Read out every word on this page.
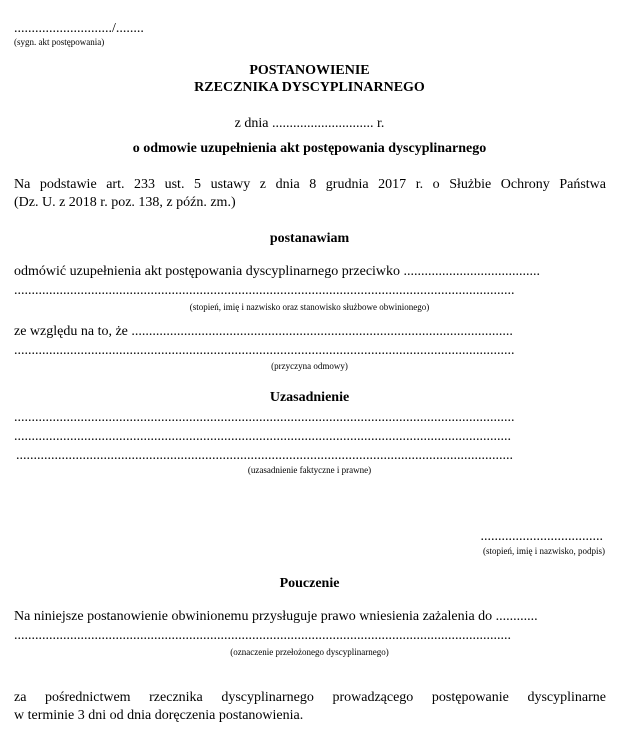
............................/........
(sygn. akt postępowania)
POSTANOWIENIE
RZECZNIKA DYSCYPLINARNEGO
z dnia ............................. r.
o odmowie uzupełnienia akt postępowania dyscyplinarnego
Na podstawie art. 233 ust. 5 ustawy z dnia 8 grudnia 2017 r. o Służbie Ochrony Państwa
(Dz. U. z 2018 r. poz. 138, z późn. zm.)
postanawiam
odmówić uzupełnienia akt postępowania dyscyplinarnego przeciwko .......................................
...............................................................................................................................................
(stopień, imię i nazwisko oraz stanowisko służbowe obwinionego)
ze względu na to, że .............................................................................................................
...............................................................................................................................................
(przyczyna odmowy)
Uzasadnienie
...............................................................................................................................................
..............................................................................................................................................
..............................................................................................................................................
(uzasadnienie faktyczne i prawne)
...................................
(stopień, imię i nazwisko, podpis)
Pouczenie
Na niniejsze postanowienie obwinionemu przysługuje prawo wniesienia zażalenia do ............
..............................................................................................................................................
(oznaczenie przełożonego dyscyplinarnego)
za pośrednictwem rzecznika dyscyplinarnego prowadzącego postępowanie dyscyplinarne
w terminie 3 dni od dnia doręczenia postanowienia.
